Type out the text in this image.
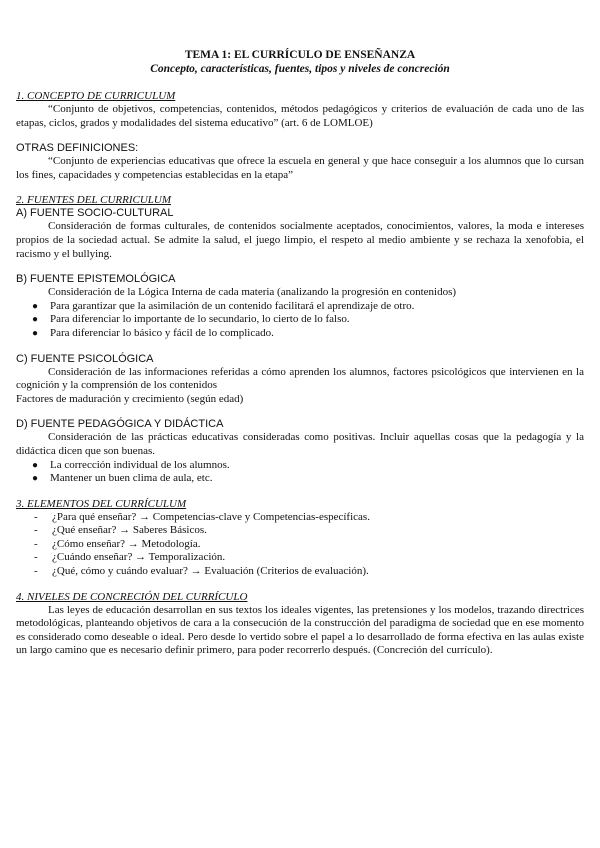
TEMA 1: EL CURRÍCULO DE ENSEÑANZA
Concepto, características, fuentes, tipos y niveles de concreción
1. CONCEPTO DE CURRICULUM

“Conjunto de objetivos, competencias, contenidos, métodos pedagógicos y criterios de evaluación de cada uno de las etapas, ciclos, grados y modalidades del sistema educativo” (art. 6 de LOMLOE)

OTRAS DEFINICIONES:

“Conjunto de experiencias educativas que ofrece la escuela en general y que hace conseguir a los alumnos que lo cursan los fines, capacidades y competencias establecidas en la etapa”

2. FUENTES DEL CURRICULUM
A) FUENTE SOCIO-CULTURAL

Consideración de formas culturales, de contenidos socialmente aceptados, conocimientos, valores, la moda e intereses propios de la sociedad actual. Se admite la salud, el juego limpio, el respeto al medio ambiente y se rechaza la xenofobia, el racismo y el bullying.

B) FUENTE EPISTEMOLÓGICA

Consideración de la Lógica Interna de cada materia (analizando la progresión en contenidos)

● Para garantizar que la asimilación de un contenido facilitará el aprendizaje de otro.
● Para diferenciar lo importante de lo secundario, lo cierto de lo falso.
● Para diferenciar lo básico y fácil de lo complicado.
C) FUENTE PSICOLÓGICA

Consideración de las informaciones referidas a cómo aprenden los alumnos, factores psicológicos que intervienen en la cognición y la comprensión de los contenidos

Factores de maduración y crecimiento (según edad)

D) FUENTE PEDAGÓGICA Y DIDÁCTICA

Consideración de las prácticas educativas consideradas como positivas. Incluir aquellas cosas que la pedagogía y la didáctica dicen que son buenas.

● La corrección individual de los alumnos.
● Mantener un buen clima de aula, etc.
3. ELEMENTOS DEL CURRÍCULUM
- ¿Para qué enseñar? → Competencias-clave y Competencias-específicas.
- ¿Qué enseñar? → Saberes Básicos.
- ¿Cómo enseñar? → Metodología.
- ¿Cuándo enseñar? → Temporalización.
- ¿Qué, cómo y cuándo evaluar? → Evaluación (Criterios de evaluación).
4. NIVELES DE CONCRECIÓN DEL CURRÍCULO

Las leyes de educación desarrollan en sus textos los ideales vigentes, las pretensiones y los modelos, trazando directrices metodológicas, planteando objetivos de cara a la consecución de la construcción del paradigma de sociedad que en ese momento es considerado como deseable o ideal. Pero desde lo vertido sobre el papel a lo desarrollado de forma efectiva en las aulas existe un largo camino que es necesario definir primero, para poder recorrerlo después. (Concreción del currículo).
